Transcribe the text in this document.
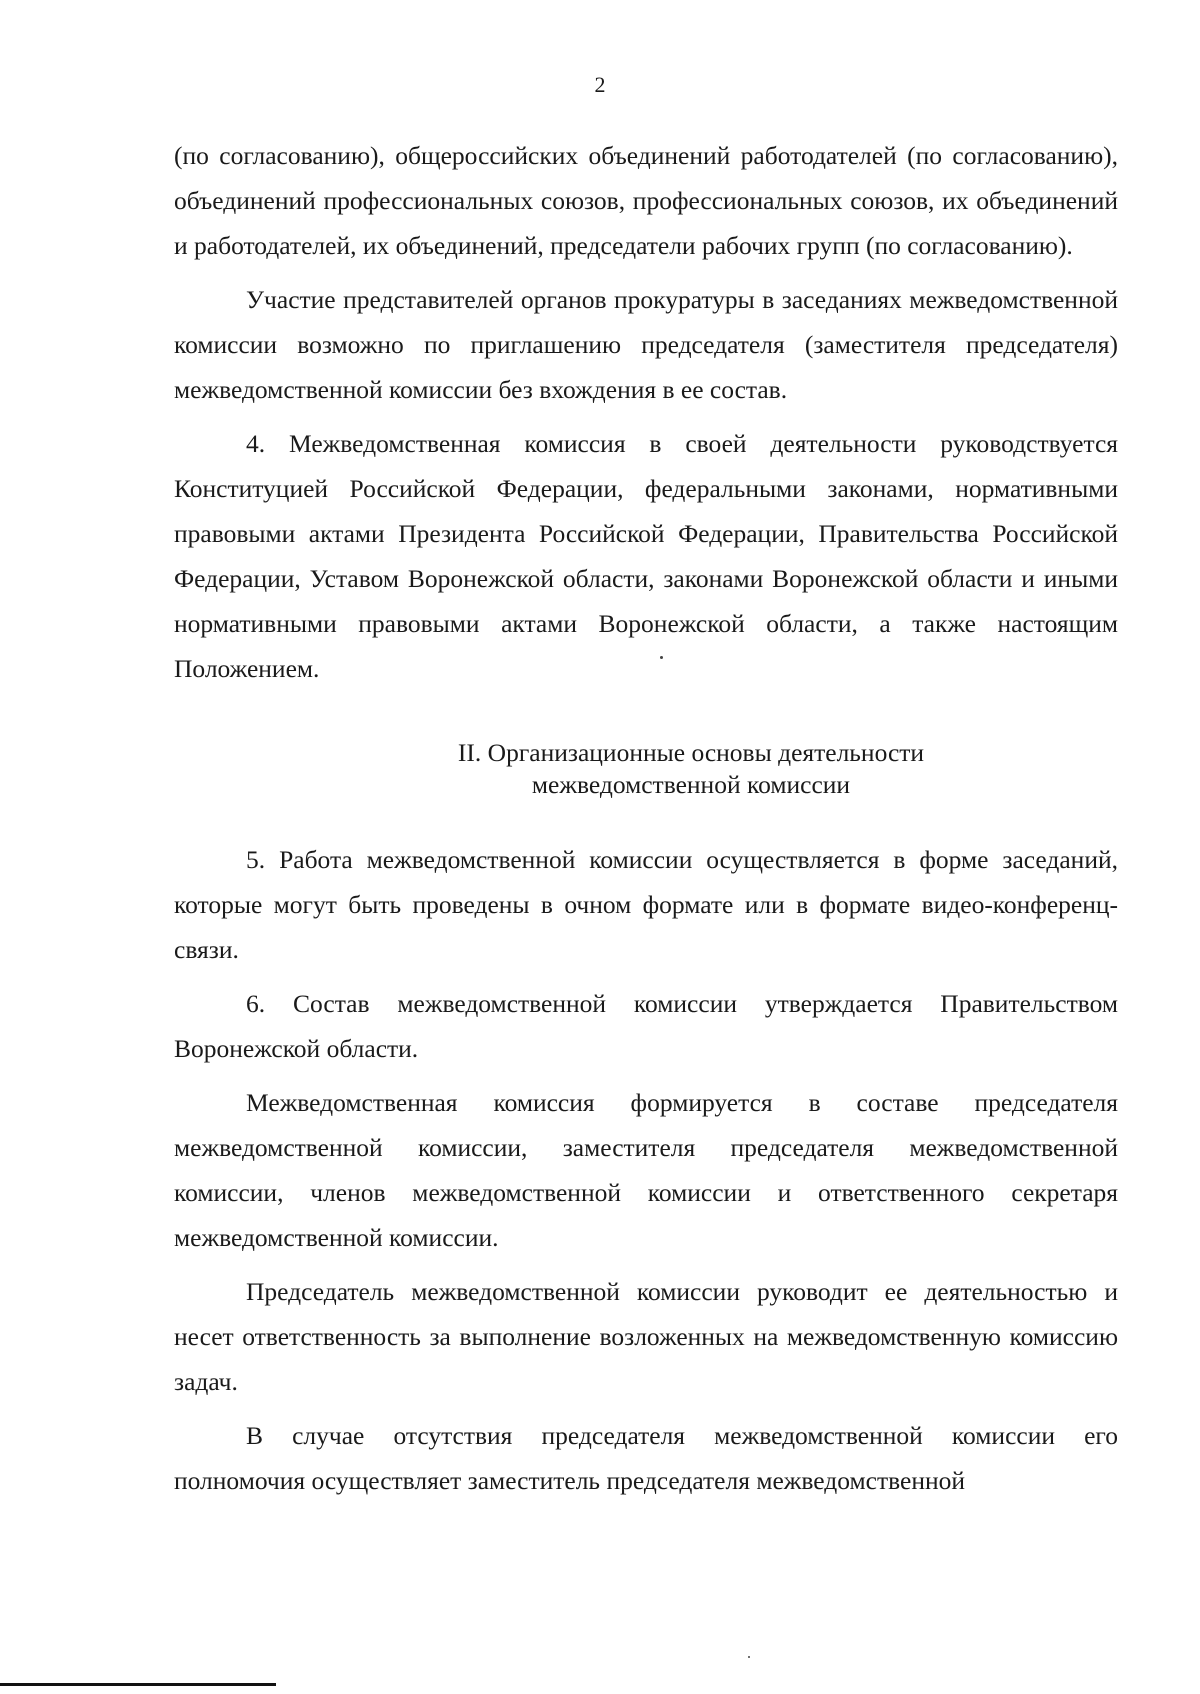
2

(по согласованию), общероссийских объединений работодателей (по согласованию), объединений профессиональных союзов, профессиональных союзов, их объединений и работодателей, их объединений, председатели рабочих групп (по согласованию).

Участие представителей органов прокуратуры в заседаниях межведомственной комиссии возможно по приглашению председателя (заместителя председателя) межведомственной комиссии без вхождения в ее состав.

4. Межведомственная комиссия в своей деятельности руководствуется Конституцией Российской Федерации, федеральными законами, нормативными правовыми актами Президента Российской Федерации, Правительства Российской Федерации, Уставом Воронежской области, законами Воронежской области и иными нормативными правовыми актами Воронежской области, а также настоящим Положением.

II. Организационные основы деятельности
межведомственной комиссии

5. Работа межведомственной комиссии осуществляется в форме заседаний, которые могут быть проведены в очном формате или в формате видео-конференц-связи.

6. Состав межведомственной комиссии утверждается Правительством Воронежской области.

Межведомственная комиссия формируется в составе председателя межведомственной комиссии, заместителя председателя межведомственной комиссии, членов межведомственной комиссии и ответственного секретаря межведомственной комиссии.

Председатель межведомственной комиссии руководит ее деятельностью и несет ответственность за выполнение возложенных на межведомственную комиссию задач.

В случае отсутствия председателя межведомственной комиссии его полномочия осуществляет заместитель председателя межведомственной
